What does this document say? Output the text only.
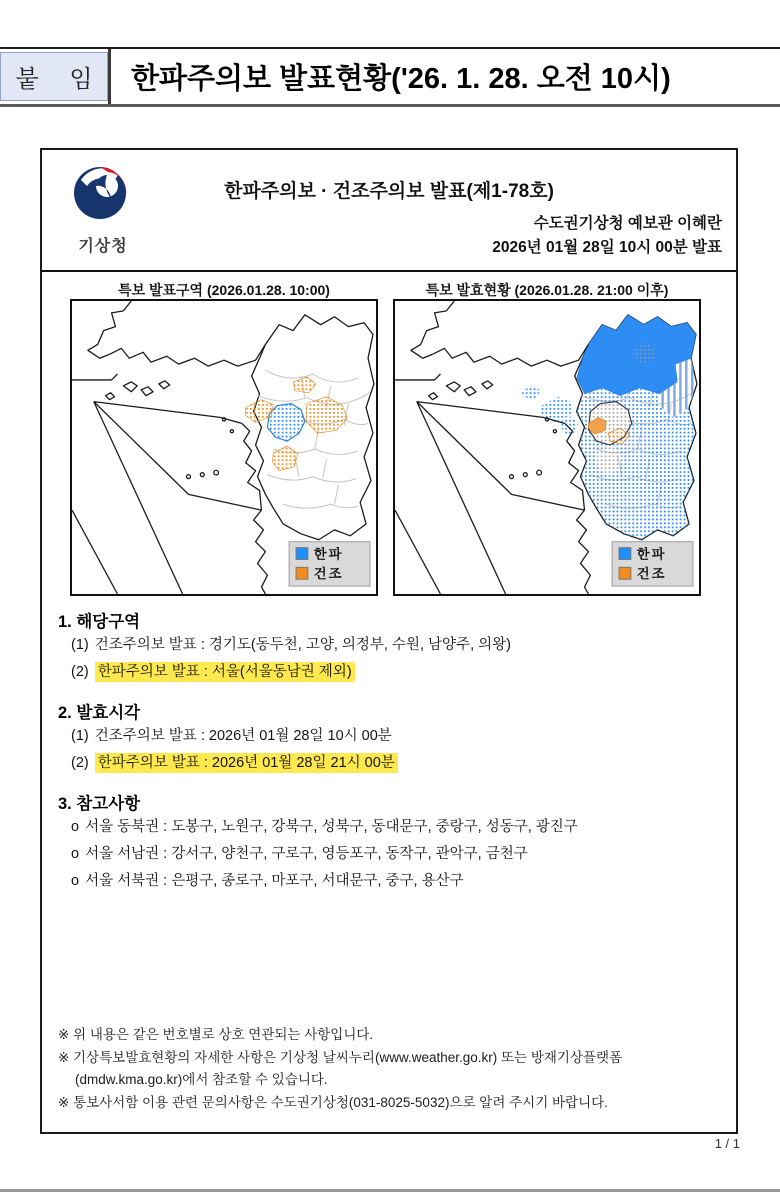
붙 임 한파주의보 발표현황('26. 1. 28. 오전 10시)
기상청
한파주의보 · 건조주의보 발표(제1-78호)
수도권기상청 예보관 이혜란
2026년 01월 28일 10시 00분 발표
특보 발표구역 (2026.01.28. 10:00)
한파
건조
특보 발효현황 (2026.01.28. 21:00 이후)
한파
건조
1. 해당구역
(1) 건조주의보 발표 : 경기도(동두천, 고양, 의정부, 수원, 남양주, 의왕)
(2) 한파주의보 발표 : 서울(서울동남권 제외)
2. 발효시각
(1) 건조주의보 발표 : 2026년 01월 28일 10시 00분
(2) 한파주의보 발표 : 2026년 01월 28일 21시 00분
3. 참고사항
o 서울 동북권 : 도봉구, 노원구, 강북구, 성북구, 동대문구, 중랑구, 성동구, 광진구
o 서울 서남권 : 강서구, 양천구, 구로구, 영등포구, 동작구, 관악구, 금천구
o 서울 서북권 : 은평구, 종로구, 마포구, 서대문구, 중구, 용산구
※ 위 내용은 같은 번호별로 상호 연관되는 사항입니다.
※ 기상특보발효현황의 자세한 사항은 기상청 날씨누리(www.weather.go.kr) 또는 방재기상플랫폼(dmdw.kma.go.kr)에서 참조할 수 있습니다.
※ 통보사서함 이용 관련 문의사항은 수도권기상청(031-8025-5032)으로 알려 주시기 바랍니다.
1 / 1
